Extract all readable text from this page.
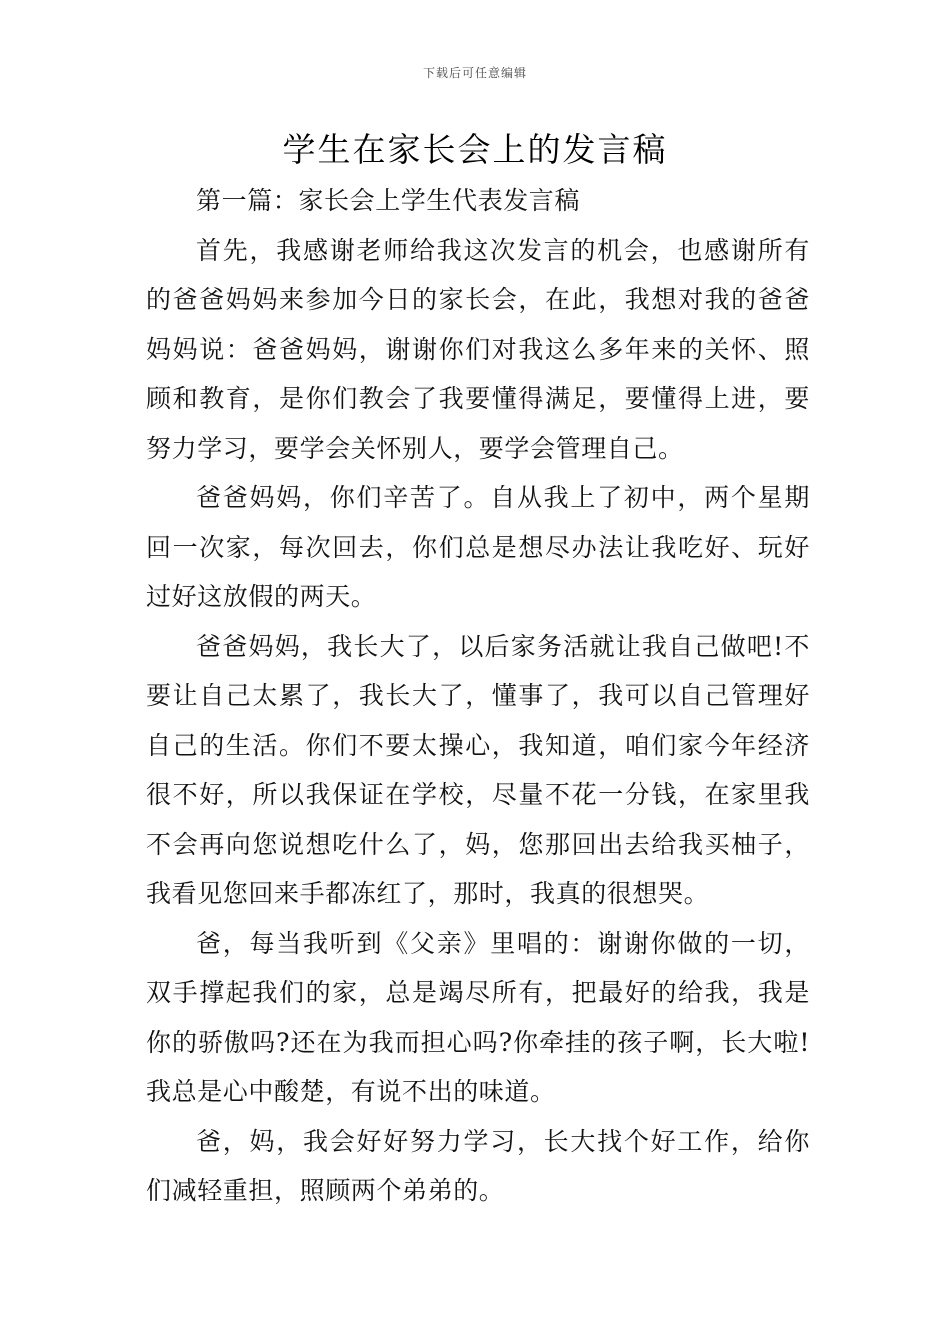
下载后可任意编辑
学生在家长会上的发言稿

第一篇：家长会上学生代表发言稿

首先，我感谢老师给我这次发言的机会，也感谢所有的爸爸妈妈来参加今日的家长会，在此，我想对我的爸爸妈妈说：爸爸妈妈，谢谢你们对我这么多年来的关怀、照顾和教育，是你们教会了我要懂得满足，要懂得上进，要努力学习，要学会关怀别人，要学会管理自己。

爸爸妈妈，你们辛苦了。自从我上了初中，两个星期回一次家，每次回去，你们总是想尽办法让我吃好、玩好过好这放假的两天。

爸爸妈妈，我长大了，以后家务活就让我自己做吧!不要让自己太累了，我长大了，懂事了，我可以自己管理好自己的生活。你们不要太操心，我知道，咱们家今年经济很不好，所以我保证在学校，尽量不花一分钱，在家里我不会再向您说想吃什么了，妈，您那回出去给我买柚子，我看见您回来手都冻红了，那时，我真的很想哭。

爸，每当我听到《父亲》里唱的：谢谢你做的一切，双手撑起我们的家，总是竭尽所有，把最好的给我，我是你的骄傲吗?还在为我而担心吗?你牵挂的孩子啊，长大啦!我总是心中酸楚，有说不出的味道。

爸，妈，我会好好努力学习，长大找个好工作，给你们减轻重担，照顾两个弟弟的。
